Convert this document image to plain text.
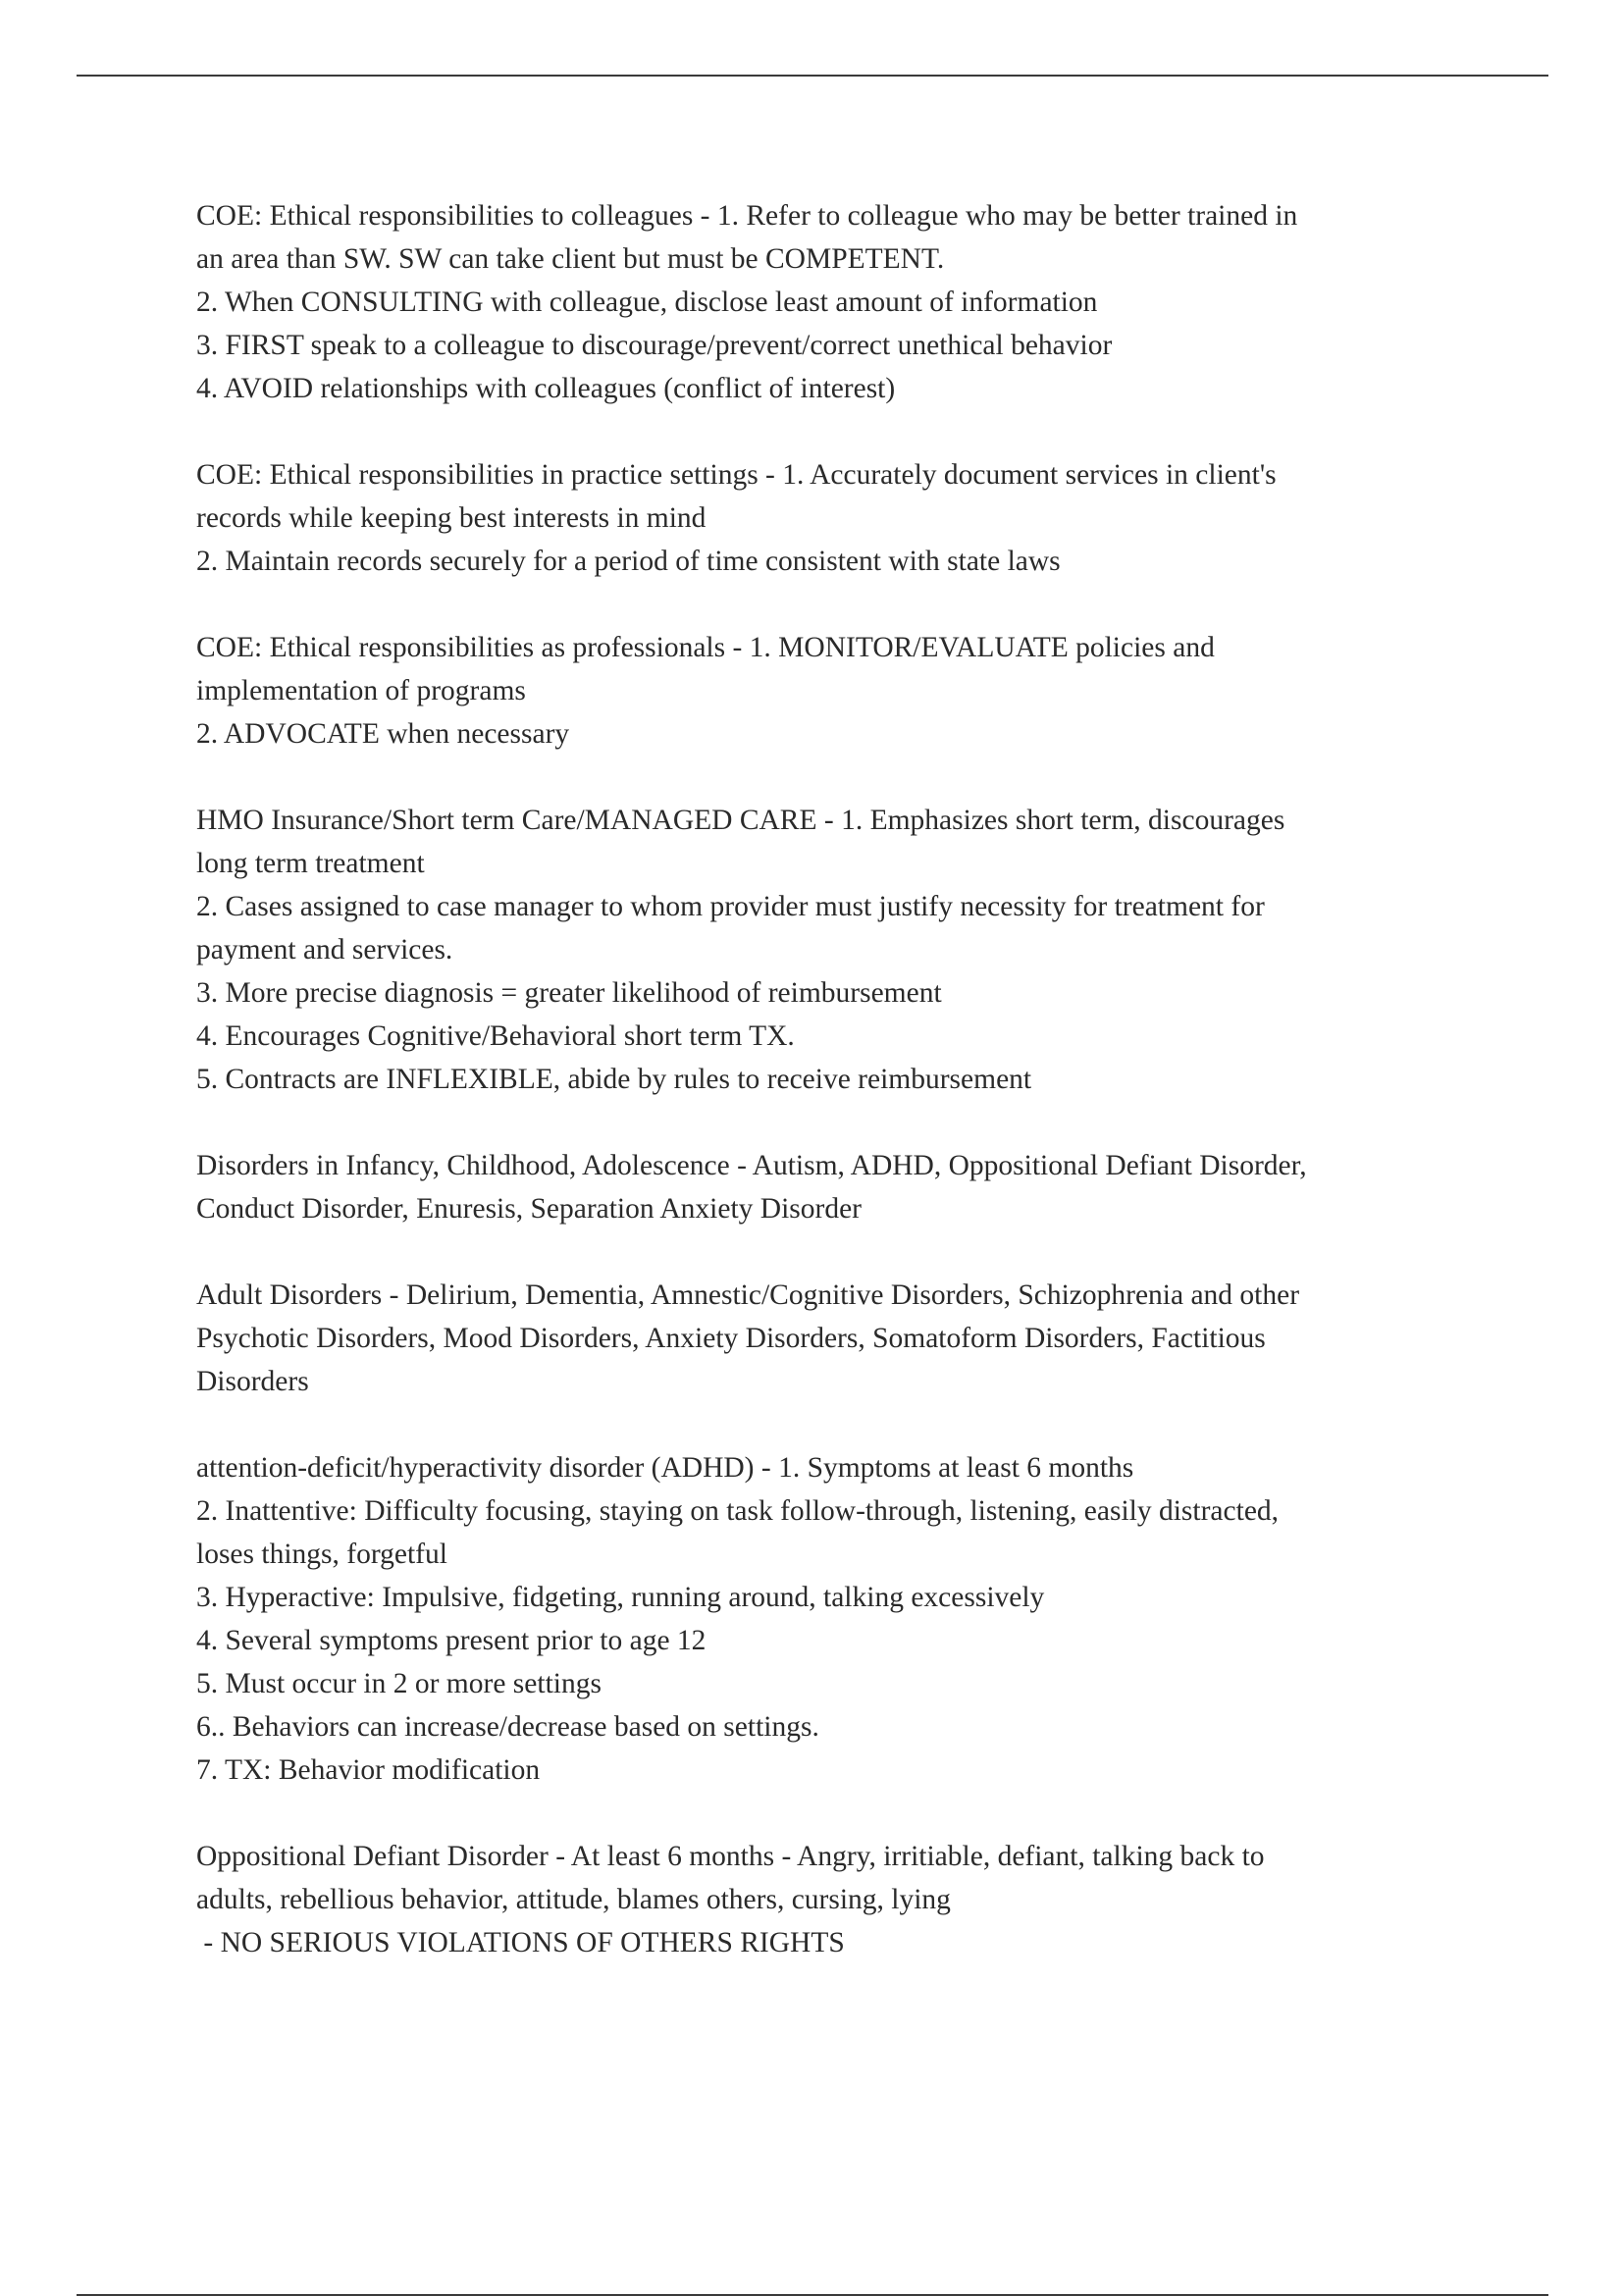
COE: Ethical responsibilities to colleagues - 1. Refer to colleague who may be better trained in
an area than SW. SW can take client but must be COMPETENT.
2. When CONSULTING with colleague, disclose least amount of information
3. FIRST speak to a colleague to discourage/prevent/correct unethical behavior
4. AVOID relationships with colleagues (conflict of interest)
COE: Ethical responsibilities in practice settings - 1. Accurately document services in client's
records while keeping best interests in mind
2. Maintain records securely for a period of time consistent with state laws
COE: Ethical responsibilities as professionals - 1. MONITOR/EVALUATE policies and
implementation of programs
2. ADVOCATE when necessary
HMO Insurance/Short term Care/MANAGED CARE - 1. Emphasizes short term, discourages
long term treatment
2. Cases assigned to case manager to whom provider must justify necessity for treatment for
payment and services.
3. More precise diagnosis = greater likelihood of reimbursement
4. Encourages Cognitive/Behavioral short term TX.
5. Contracts are INFLEXIBLE, abide by rules to receive reimbursement
Disorders in Infancy, Childhood, Adolescence - Autism, ADHD, Oppositional Defiant Disorder,
Conduct Disorder, Enuresis, Separation Anxiety Disorder
Adult Disorders - Delirium, Dementia, Amnestic/Cognitive Disorders, Schizophrenia and other
Psychotic Disorders, Mood Disorders, Anxiety Disorders, Somatoform Disorders, Factitious
Disorders
attention-deficit/hyperactivity disorder (ADHD) - 1. Symptoms at least 6 months
2. Inattentive: Difficulty focusing, staying on task follow-through, listening, easily distracted,
loses things, forgetful
3. Hyperactive: Impulsive, fidgeting, running around, talking excessively
4. Several symptoms present prior to age 12
5. Must occur in 2 or more settings
6.. Behaviors can increase/decrease based on settings.
7. TX: Behavior modification
Oppositional Defiant Disorder - At least 6 months - Angry, irritiable, defiant, talking back to
adults, rebellious behavior, attitude, blames others, cursing, lying
- NO SERIOUS VIOLATIONS OF OTHERS RIGHTS
